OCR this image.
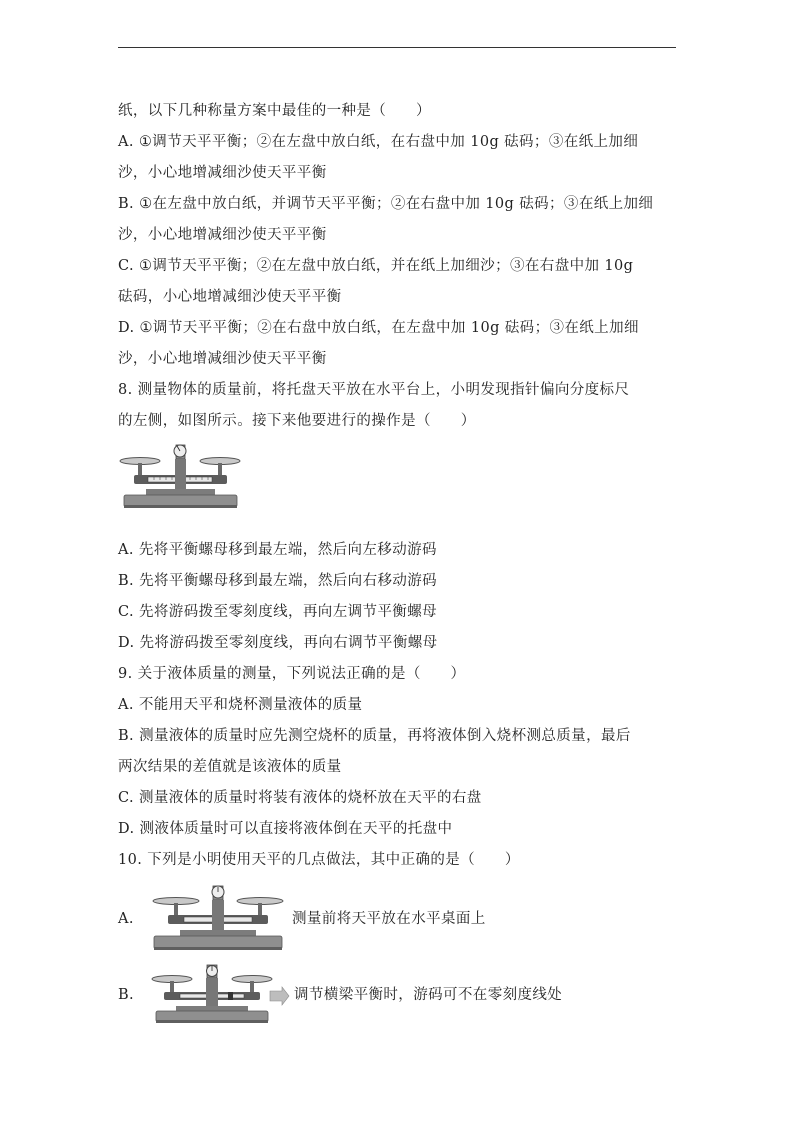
纸，以下几种称量方案中最佳的一种是（　　）
A. ①调节天平平衡；②在左盘中放白纸，在右盘中加 10g 砝码；③在纸上加细
沙，小心地增减细沙使天平平衡
B. ①在左盘中放白纸，并调节天平平衡；②在右盘中加 10g 砝码；③在纸上加细
沙，小心地增减细沙使天平平衡
C. ①调节天平平衡；②在左盘中放白纸，并在纸上加细沙；③在右盘中加 10g
砝码，小心地增减细沙使天平平衡
D. ①调节天平平衡；②在右盘中放白纸，在左盘中加 10g 砝码；③在纸上加细
沙，小心地增减细沙使天平平衡
8. 测量物体的质量前，将托盘天平放在水平台上，小明发现指针偏向分度标尺
的左侧，如图所示。接下来他要进行的操作是（　　）
A. 先将平衡螺母移到最左端，然后向左移动游码
B. 先将平衡螺母移到最左端，然后向右移动游码
C. 先将游码拨至零刻度线，再向左调节平衡螺母
D. 先将游码拨至零刻度线，再向右调节平衡螺母
9. 关于液体质量的测量，下列说法正确的是（　　）
A. 不能用天平和烧杯测量液体的质量
B. 测量液体的质量时应先测空烧杯的质量，再将液体倒入烧杯测总质量，最后
两次结果的差值就是该液体的质量
C. 测量液体的质量时将装有液体的烧杯放在天平的右盘
D. 测液体质量时可以直接将液体倒在天平的托盘中
10. 下列是小明使用天平的几点做法，其中正确的是（　　）
A.	测量前将天平放在水平桌面上
B.	调节横梁平衡时，游码可不在零刻度线处
